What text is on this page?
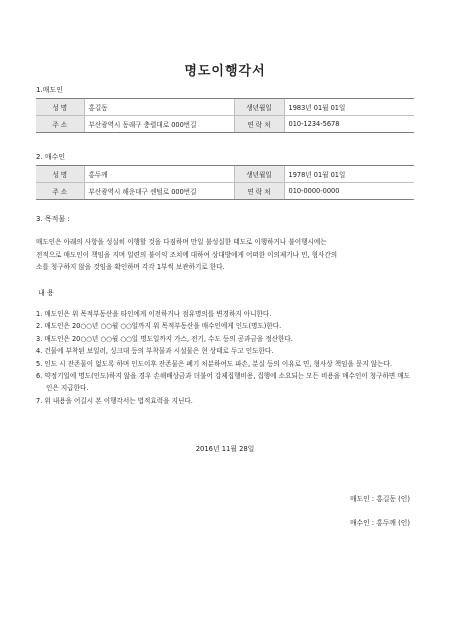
명도이행각서
1.매도인
성 명	홍길동	생년월일	1983년 01월 01일
주 소	부산광역시 동래구 충렬대로 000번길	연 락 처	010-1234-5678
2. 매수인
성 명	홍두깨	생년월일	1978년 01월 01일
주 소	부산광역시 해운대구 센텀로 000번길	연 락 처	010-0000-0000
3. 목적물 :
매도인은 아래의 사항을 성실히 이행할 것을 다짐하며 만일 불성실한 태도로 이행하거나 불이행시에는
전적으로 매도인이 책임을 지며 일련의 불이익 조치에 대하여 상대방에게 어떠한 이의제기나 민, 형사간의
소를 청구하지 않을 것임을 확인하며 각각 1부씩 보관하기로 한다.
내 용
1. 매도인은 위 목적부동산을 타인에게 이전하거나 점유명의를 변경하지 아니한다.
2. 매도인은 20○○년 ○○월 ○○일까지 위 목적부동산을 매수인에게 인도(명도)한다.
3. 매도인은 20○○년 ○○월 ○○일 명도일까지 가스, 전기, 수도 등의 공과금을 정산한다.
4. 건물에 부착된 보일러, 싱크대 등의 부착물과 시설물은 현 상태로 두고 인도한다.
5. 인도 시 잔존물이 없도록 하며 인도이후 잔존물은 폐기 처분하여도 파손, 분실 등의 이유로 민, 형사상 책임을 묻지 않는다.
6. 약정기일에 명도(인도)하지 않을 경우 손해배상금과 더불어 강제집행비용, 집행에 소요되는 모든 비용을 매수인이 청구하면 매도인은 지급한다.
7. 위 내용을 어길시 본 이행각서는 법적효력을 지닌다.
2016년 11월 28일
매도인 : 홍길동 (인)
매수인 : 홍두깨 (인)
